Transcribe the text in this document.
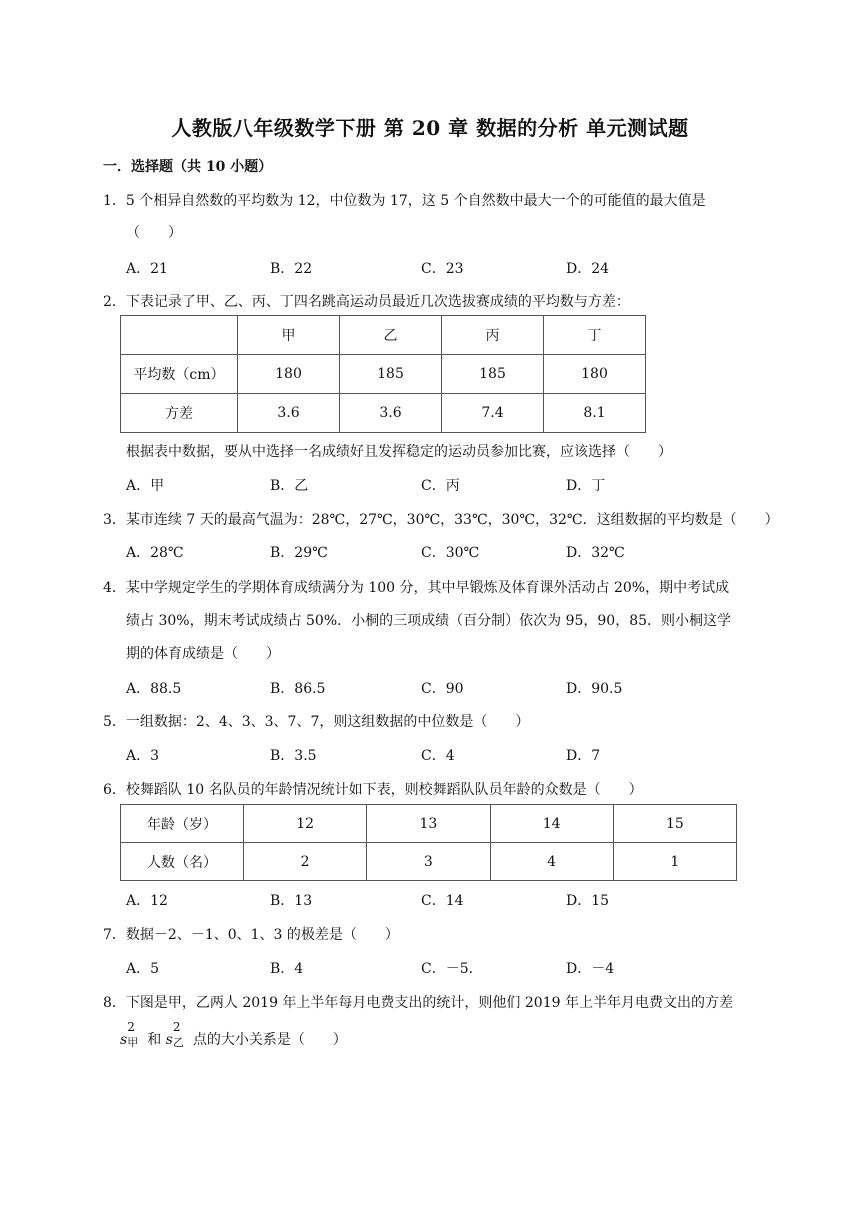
人教版八年级数学下册 第 20 章 数据的分析 单元测试题
一．选择题（共 10 小题）
1．5 个相异自然数的平均数为 12，中位数为 17，这 5 个自然数中最大一个的可能值的最大值是
（　　）
A．21	B．22	C．23	D．24
2．下表记录了甲、乙、丙、丁四名跳高运动员最近几次选拔赛成绩的平均数与方差：
	甲	乙	丙	丁
平均数（cm）	180	185	185	180
方差	3.6	3.6	7.4	8.1
根据表中数据，要从中选择一名成绩好且发挥稳定的运动员参加比赛，应该选择（　　）
A．甲	B．乙	C．丙	D．丁
3．某市连续 7 天的最高气温为：28℃，27℃，30℃，33℃，30℃，32℃．这组数据的平均数是（　　）
A．28℃	B．29℃	C．30℃	D．32℃
4．某中学规定学生的学期体育成绩满分为 100 分，其中早锻炼及体育课外活动占 20%，期中考试成
绩占 30%，期末考试成绩占 50%．小桐的三项成绩（百分制）依次为 95，90，85．则小桐这学
期的体育成绩是（　　）
A．88.5	B．86.5	C．90	D．90.5
5．一组数据：2、4、3、3、7、7，则这组数据的中位数是（　　）
A．3	B．3.5	C．4	D．7
6．校舞蹈队 10 名队员的年龄情况统计如下表，则校舞蹈队队员年龄的众数是（　　）
年龄（岁）	12	13	14	15
人数（名）	2	3	4	1
A．12	B．13	C．14	D．15
7．数据－2、－1、0、1、3 的极差是（　　）
A．5	B．4	C．－5．	D．－4
8．下图是甲，乙两人 2019 年上半年每月电费支出的统计，则他们 2019 年上半年月电费文出的方差
s
2
甲 和 s
2
乙 点的大小关系是（　　）
